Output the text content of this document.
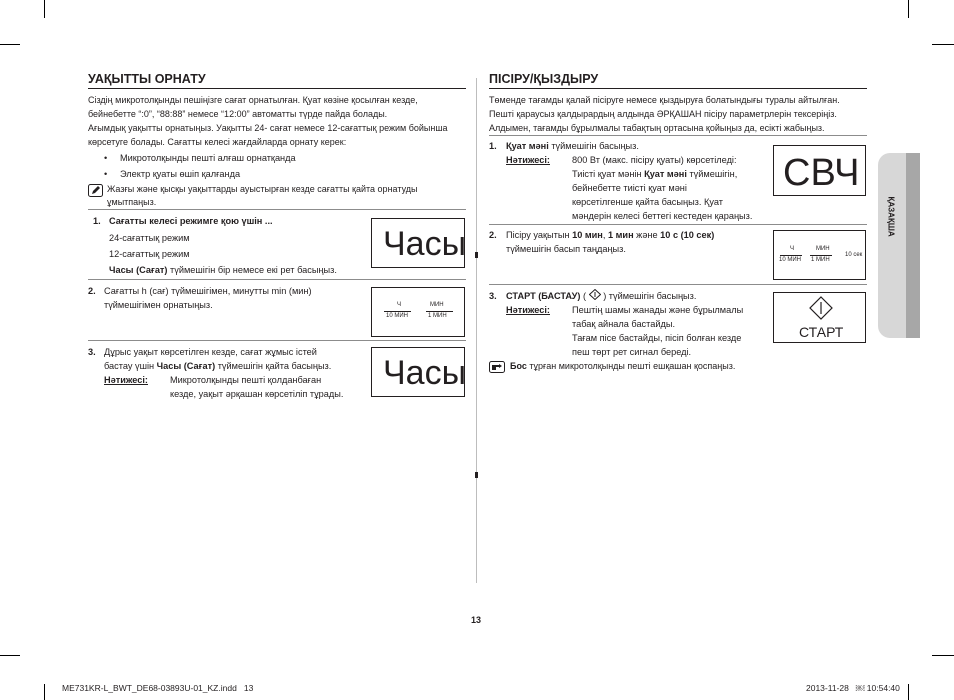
УАҚЫТТЫ ОРНАТУ
Сіздің микротолқынды пешіңізге сағат орнатылған. Қуат көзіне қосылған кезде,
бейнебетте “:0”, “88:88” немесе “12:00” автоматты түрде пайда болады.
Ағымдық уақытты орнатыңыз. Уақытты 24- сағат немесе 12-сағаттық режим бойынша
көрсетуге болады. Сағатты келесі жағдайларда орнату керек:
• Микротолқынды пешті алғаш орнатқанда
• Электр қуаты өшіп қалғанда
Жазғы және қысқы уақыттарды ауыстырған кезде сағатты қайта орнатуды
ұмытпаңыз.
1. Сағатты келесі режимге қою үшін ...
24-сағаттық режим
12-сағаттық режим
Часы (Сағат) түймешігін бір немесе екі рет басыңыз.
Часы
2. Сағатты h (сағ) түймешігімен, минутты min (мин)
түймешігімен орнатыңыз.	Ч	МИН
10 МИН	1 МИН
3. Дұрыс уақыт көрсетілген кезде, сағат жұмыс істей
бастау үшін Часы (Сағат) түймешігін қайта басыңыз.
Нәтижесі: Микротолқынды пешті қолданбаған
кезде, уақыт әрқашан көрсетіліп тұрады.
Часы
ПІСІРУ/ҚЫЗДЫРУ
Төменде тағамды қалай пісіруге немесе қыздыруға болатындығы туралы айтылған.
Пешті қараусыз қалдырардың алдында ӘРҚАШАН пісіру параметрлерін тексеріңіз.
Алдымен, тағамды бұрылмалы табақтың ортасына қойыңыз да, есікті жабыңыз.
1. Қуат мәні түймешігін басыңыз.
Нәтижесі: 800 Вт (макс. пісіру қуаты) көрсетіледі:
Тиісті қуат мәнін Қуат мәні түймешігін,
бейнебетте тиісті қуат мәні
көрсетілгенше қайта басыңыз. Қуат
мәндерін келесі беттегі кестеден қараңыз.
СВЧ
2. Пісіру уақытын 10 мин, 1 мин және 10 с (10 сек)
түймешігін басып таңдаңыз.	Ч	МИН
10 МИН 1 МИН
10 сек
3. СТАРТ (БАСТАУ) (  ) түймешігін басыңыз.
Нәтижесі: Пештің шамы жанады және бұрылмалы
табақ айнала бастайды.
Тағам пісе бастайды, пісіп болған кезде
пеш төрт рет сигнал береді.
СТАРТ
Бос тұрған микротолқынды пешті ешқашан қоспаңыз.
ҚАЗАҚША
13
ME731KR-L_BWT_DE68-03893U-01_KZ.indd   13	2013-11-28   ￼ 10:54:40
